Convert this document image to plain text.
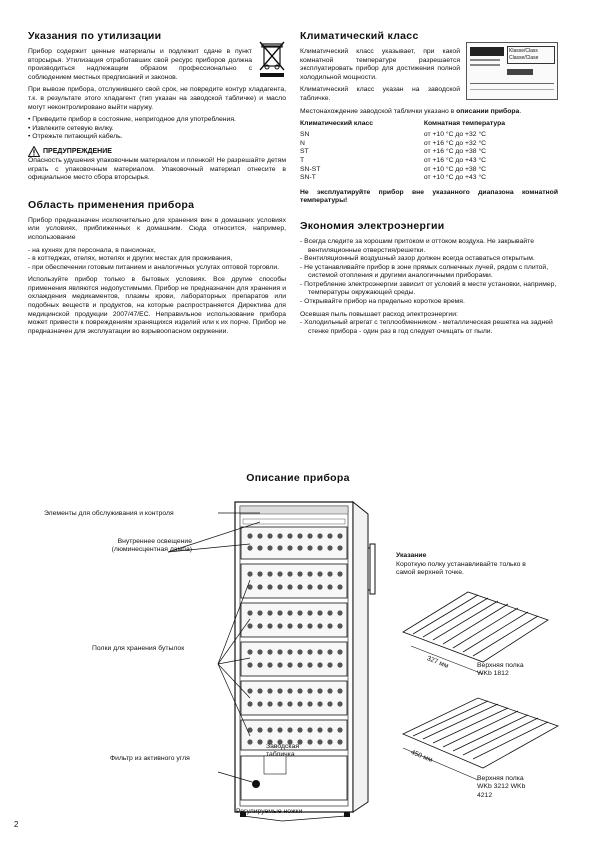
Указания по утилизации

Прибор содержит ценные материалы и подлежит сдаче в пункт вторсырья. Утилизация отработавших свой ресурс приборов должна производиться надлежащим образом профессионально с соблюдением местных предписаний и законов.

При вывозе прибора, отслужившего свой срок, не повредите контур хладагента, т.к. в результате этого хладагент (тип указан на заводской табличке) и масло могут неконтролировано выйти наружу.

• Приведите прибор в состояние, непригодное для употребления.
• Извлеките сетевую вилку.
• Отрежьте питающий кабель.
ПРЕДУПРЕЖДЕНИЕ

Опасность удушения упаковочным материалом и пленкой! Не разрешайте детям играть с упаковочным материалом. Упаковочный материал отнесите в официальное место сбора вторсырья.

Область применения прибора

Прибор предназначен исключительно для хранения вин в домашних условиях или условиях, приближенных к домашним. Сюда относится, например, использование

- на кухнях для персонала, в пансионах,
- в коттеджах, отелях, мотелях и других местах для проживания,
- при обеспечении готовым питанием и аналогичных услугах оптовой торговли.

Используйте прибор только в бытовых условиях. Все другие способы применения являются недопустимыми. Прибор не предназначен для хранения и охлаждения медикаментов, плазмы крови, лабораторных препаратов или подобных веществ и продуктов, на которые распространяется Директива для медицинской продукции 2007/47/ЕС. Неправильное использование прибора может привести к повреждениям хранящихся изделий или к их порче. Прибор не предназначен для эксплуатации во взрывоопасном окружении.

Климатический класс
Klasse/Class Classe/Clase

Климатический класс указывает, при какой комнатной температуре разрешается эксплуатировать прибор для достижения полной холодильной мощности.

Климатический класс указан на заводской табличке.

Местонахождение заводской таблички указано в описании прибора.

Климатический класс	Комнатная температура
SN	от +10 °C до +32 °C
N	от +16 °C до +32 °C
ST	от +16 °C до +38 °C
T	от +16 °C до +43 °C
SN-ST	от +10 °C до +38 °C
SN-T	от +10 °C до +43 °C

Не эксплуатируйте прибор вне указанного диапазона комнатной температуры!

Экономия электроэнергии
- Всегда следите за хорошим притоком и оттоком воздуха. Не закрывайте вентиляционные отверстия/решетки.
- Вентиляционный воздушный зазор должен всегда оставаться открытым.
- Не устанавливайте прибор в зоне прямых солнечных лучей, рядом с плитой, системой отопления и другими аналогичными приборами.
- Потребление электроэнергии зависит от условий в месте установки, например, температуры окружающей среды.
- Открывайте прибор на предельно короткое время.

Осевшая пыль повышает расход электроэнергии:

- Холодильный агрегат с теплообменником - металлическая решетка на задней стенке прибора - один раз в год следует очищать от пыли.
Описание прибора
Элементы для обслуживания и контроля
Внутреннее освещение (люминесцентная лампа)
Полки для хранения бутылок
Фильтр из активного угля
Заводская табличка
Регулируемые ножки
Указание
Короткую полку устанавливайте только в самой верхней точке.
327 мм
450 мм
Верхняя полка WKb 1812
Верхняя полка WKb 3212 WKb 4212
2
